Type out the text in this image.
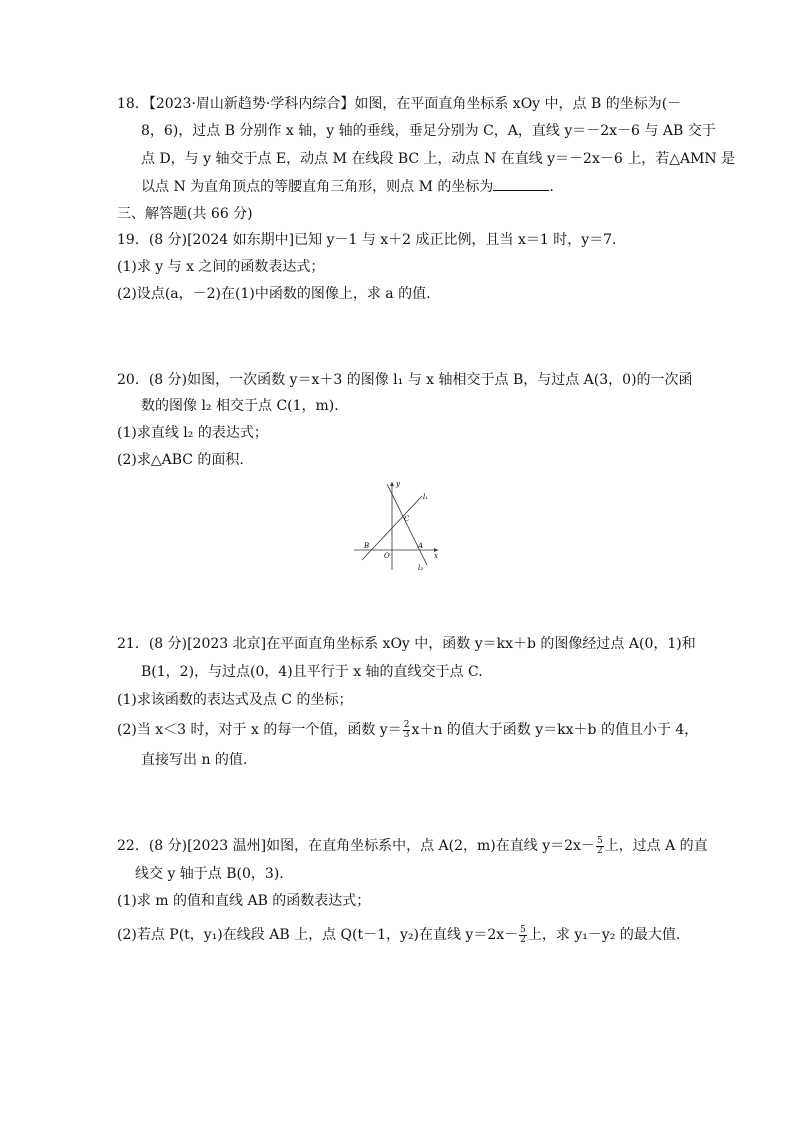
18．【2023·眉山新趋势·学科内综合】如图，在平面直角坐标系 xOy 中，点 B 的坐标为(－
8，6)，过点 B 分别作 x 轴，y 轴的垂线，垂足分别为 C，A，直线 y＝－2x－6 与 AB 交于
点 D，与 y 轴交于点 E，动点 M 在线段 BC 上，动点 N 在直线 y＝－2x－6 上，若△AMN 是
以点 N 为直角顶点的等腰直角三角形，则点 M 的坐标为	.
三、解答题(共 66 分)
19．(8 分)[2024 如东期中]已知 y－1 与 x＋2 成正比例，且当 x＝1 时，y＝7.
(1)求 y 与 x 之间的函数表达式；
(2)设点(a，－2)在(1)中函数的图像上，求 a 的值.
20．(8 分)如图，一次函数 y＝x＋3 的图像 l₁ 与 x 轴相交于点 B，与过点 A(3，0)的一次函
数的图像 l₂ 相交于点 C(1，m).
(1)求直线 l₂ 的表达式；
(2)求△ABC 的面积.
y
x
l₁
l₂
C
B	A
O
21．(8 分)[2023 北京]在平面直角坐标系 xOy 中，函数 y＝kx＋b 的图像经过点 A(0，1)和
B(1，2)，与过点(0，4)且平行于 x 轴的直线交于点 C.
(1)求该函数的表达式及点 C 的坐标；
(2)当 x＜3 时，对于 x 的每一个值，函数 $y= \frac{2}{3} x+n$ 的值大于函数 y＝kx＋b 的值且小于 4，
直接写出 n 的值.
22．(8 分)[2023 温州]如图，在直角坐标系中，点 A(2，m)在直线 $y=2x- \frac{5}{2}$ 上，过点 A 的直
线交 y 轴于点 B(0，3).
(1)求 m 的值和直线 AB 的函数表达式；
(2)若点 P(t，y₁)在线段 AB 上，点 Q(t－1，y₂)在直线 $y=2x- \frac{5}{2}$ 上，求 y₁－y₂ 的最大值.
